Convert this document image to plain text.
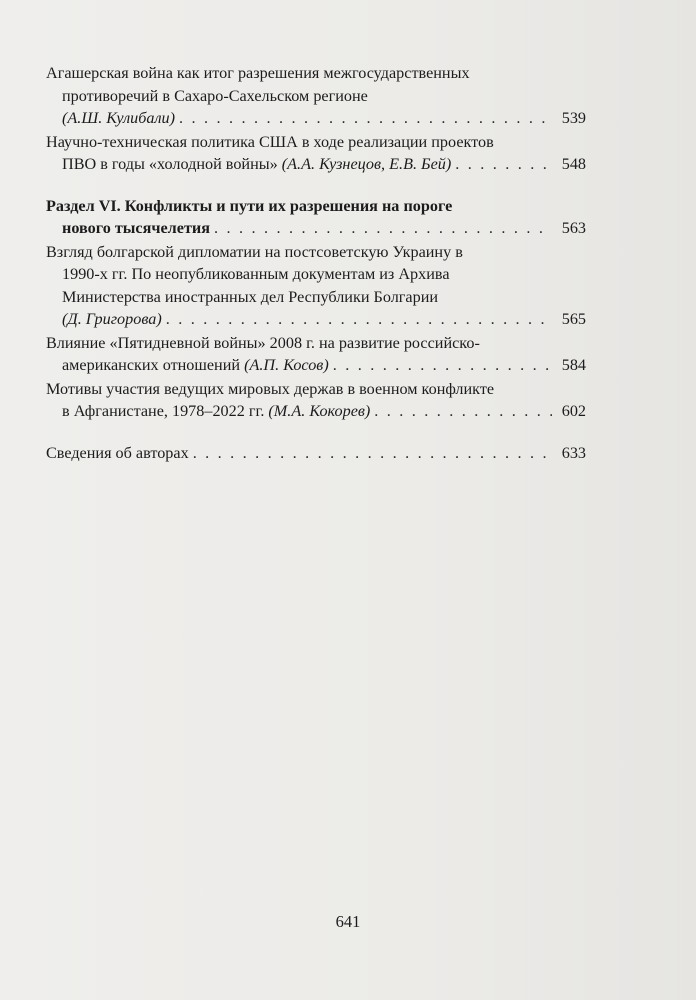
Агашерская война как итог разрешения межгосударственных
противоречий в Сахаро-Сахельском регионе
(А.Ш. Кулибали) . . .	539
Научно-техническая политика США в ходе реализации проектов
ПВО в годы «холодной войны» (А.А. Кузнецов, Е.В. Бей) . . .	548
Раздел VI. Конфликты и пути их разрешения на пороге
нового тысячелетия . . .	563
Взгляд болгарской дипломатии на постсоветскую Украину в
1990-х гг. По неопубликованным документам из Архива
Министерства иностранных дел Республики Болгарии
(Д. Григорова) . . .	565
Влияние «Пятидневной войны» 2008 г. на развитие российско-
американских отношений (А.П. Косов) . . .	584
Мотивы участия ведущих мировых держав в военном конфликте
в Афганистане, 1978–2022 гг. (М.А. Кокорев) . . .	602
Сведения об авторах . . .	633
641
